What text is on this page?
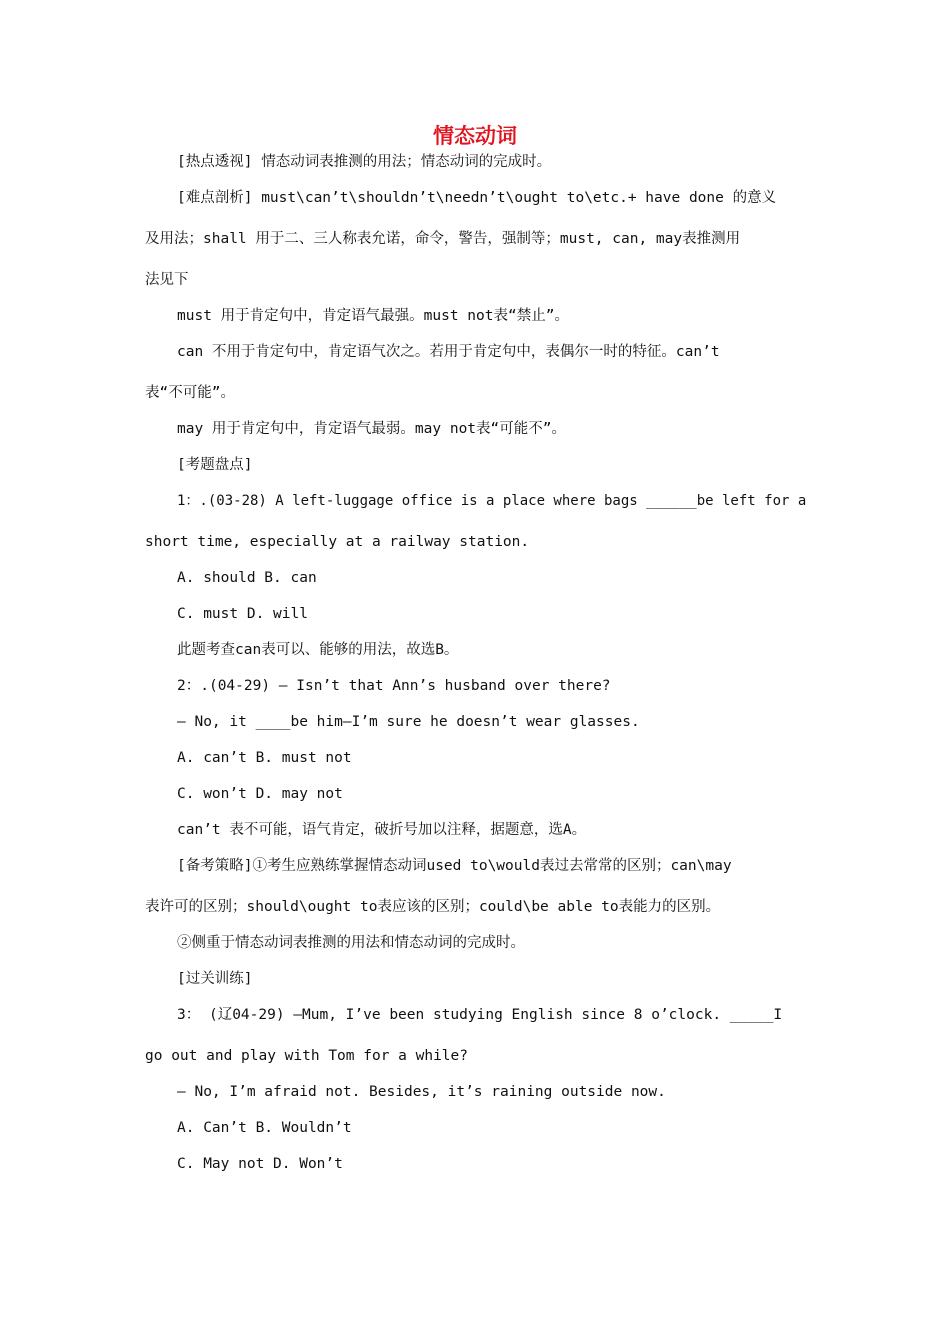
情态动词
[热点透视] 情态动词表推测的用法；情态动词的完成时。
[难点剖析] must\can’t\shouldn’t\needn’t\ought to\etc.+ have done 的意义
及用法；shall 用于二、三人称表允诺，命令，警告，强制等；must, can, may表推测用
法见下
must 用于肯定句中，肯定语气最强。must not表“禁止”。
can 不用于肯定句中，肯定语气次之。若用于肯定句中，表偶尔一时的特征。can’t
表“不可能”。
may 用于肯定句中，肯定语气最弱。may not表“可能不”。
[考题盘点]
1：.(03-28) A left-luggage office is a place where bags ______be left for a
short time, especially at a railway station.
A. should B. can
C. must D. will
此题考查can表可以、能够的用法，故选B。
2：.(04-29) — Isn’t that Ann’s husband over there?
— No, it ____be him—I’m sure he doesn’t wear glasses.
A. can’t B. must not
C. won’t D. may not
can’t 表不可能，语气肯定，破折号加以注释，据题意，选A。
[备考策略]①考生应熟练掌握情态动词used to\would表过去常常的区别；can\may
表许可的区别；should\ought to表应该的区别；could\be able to表能力的区别。
②侧重于情态动词表推测的用法和情态动词的完成时。
[过关训练]
3： (辽04-29) —Mum, I’ve been studying English since 8 o’clock. _____I
go out and play with Tom for a while?
— No, I’m afraid not. Besides, it’s raining outside now.
A. Can’t B. Wouldn’t
C. May not D. Won’t
